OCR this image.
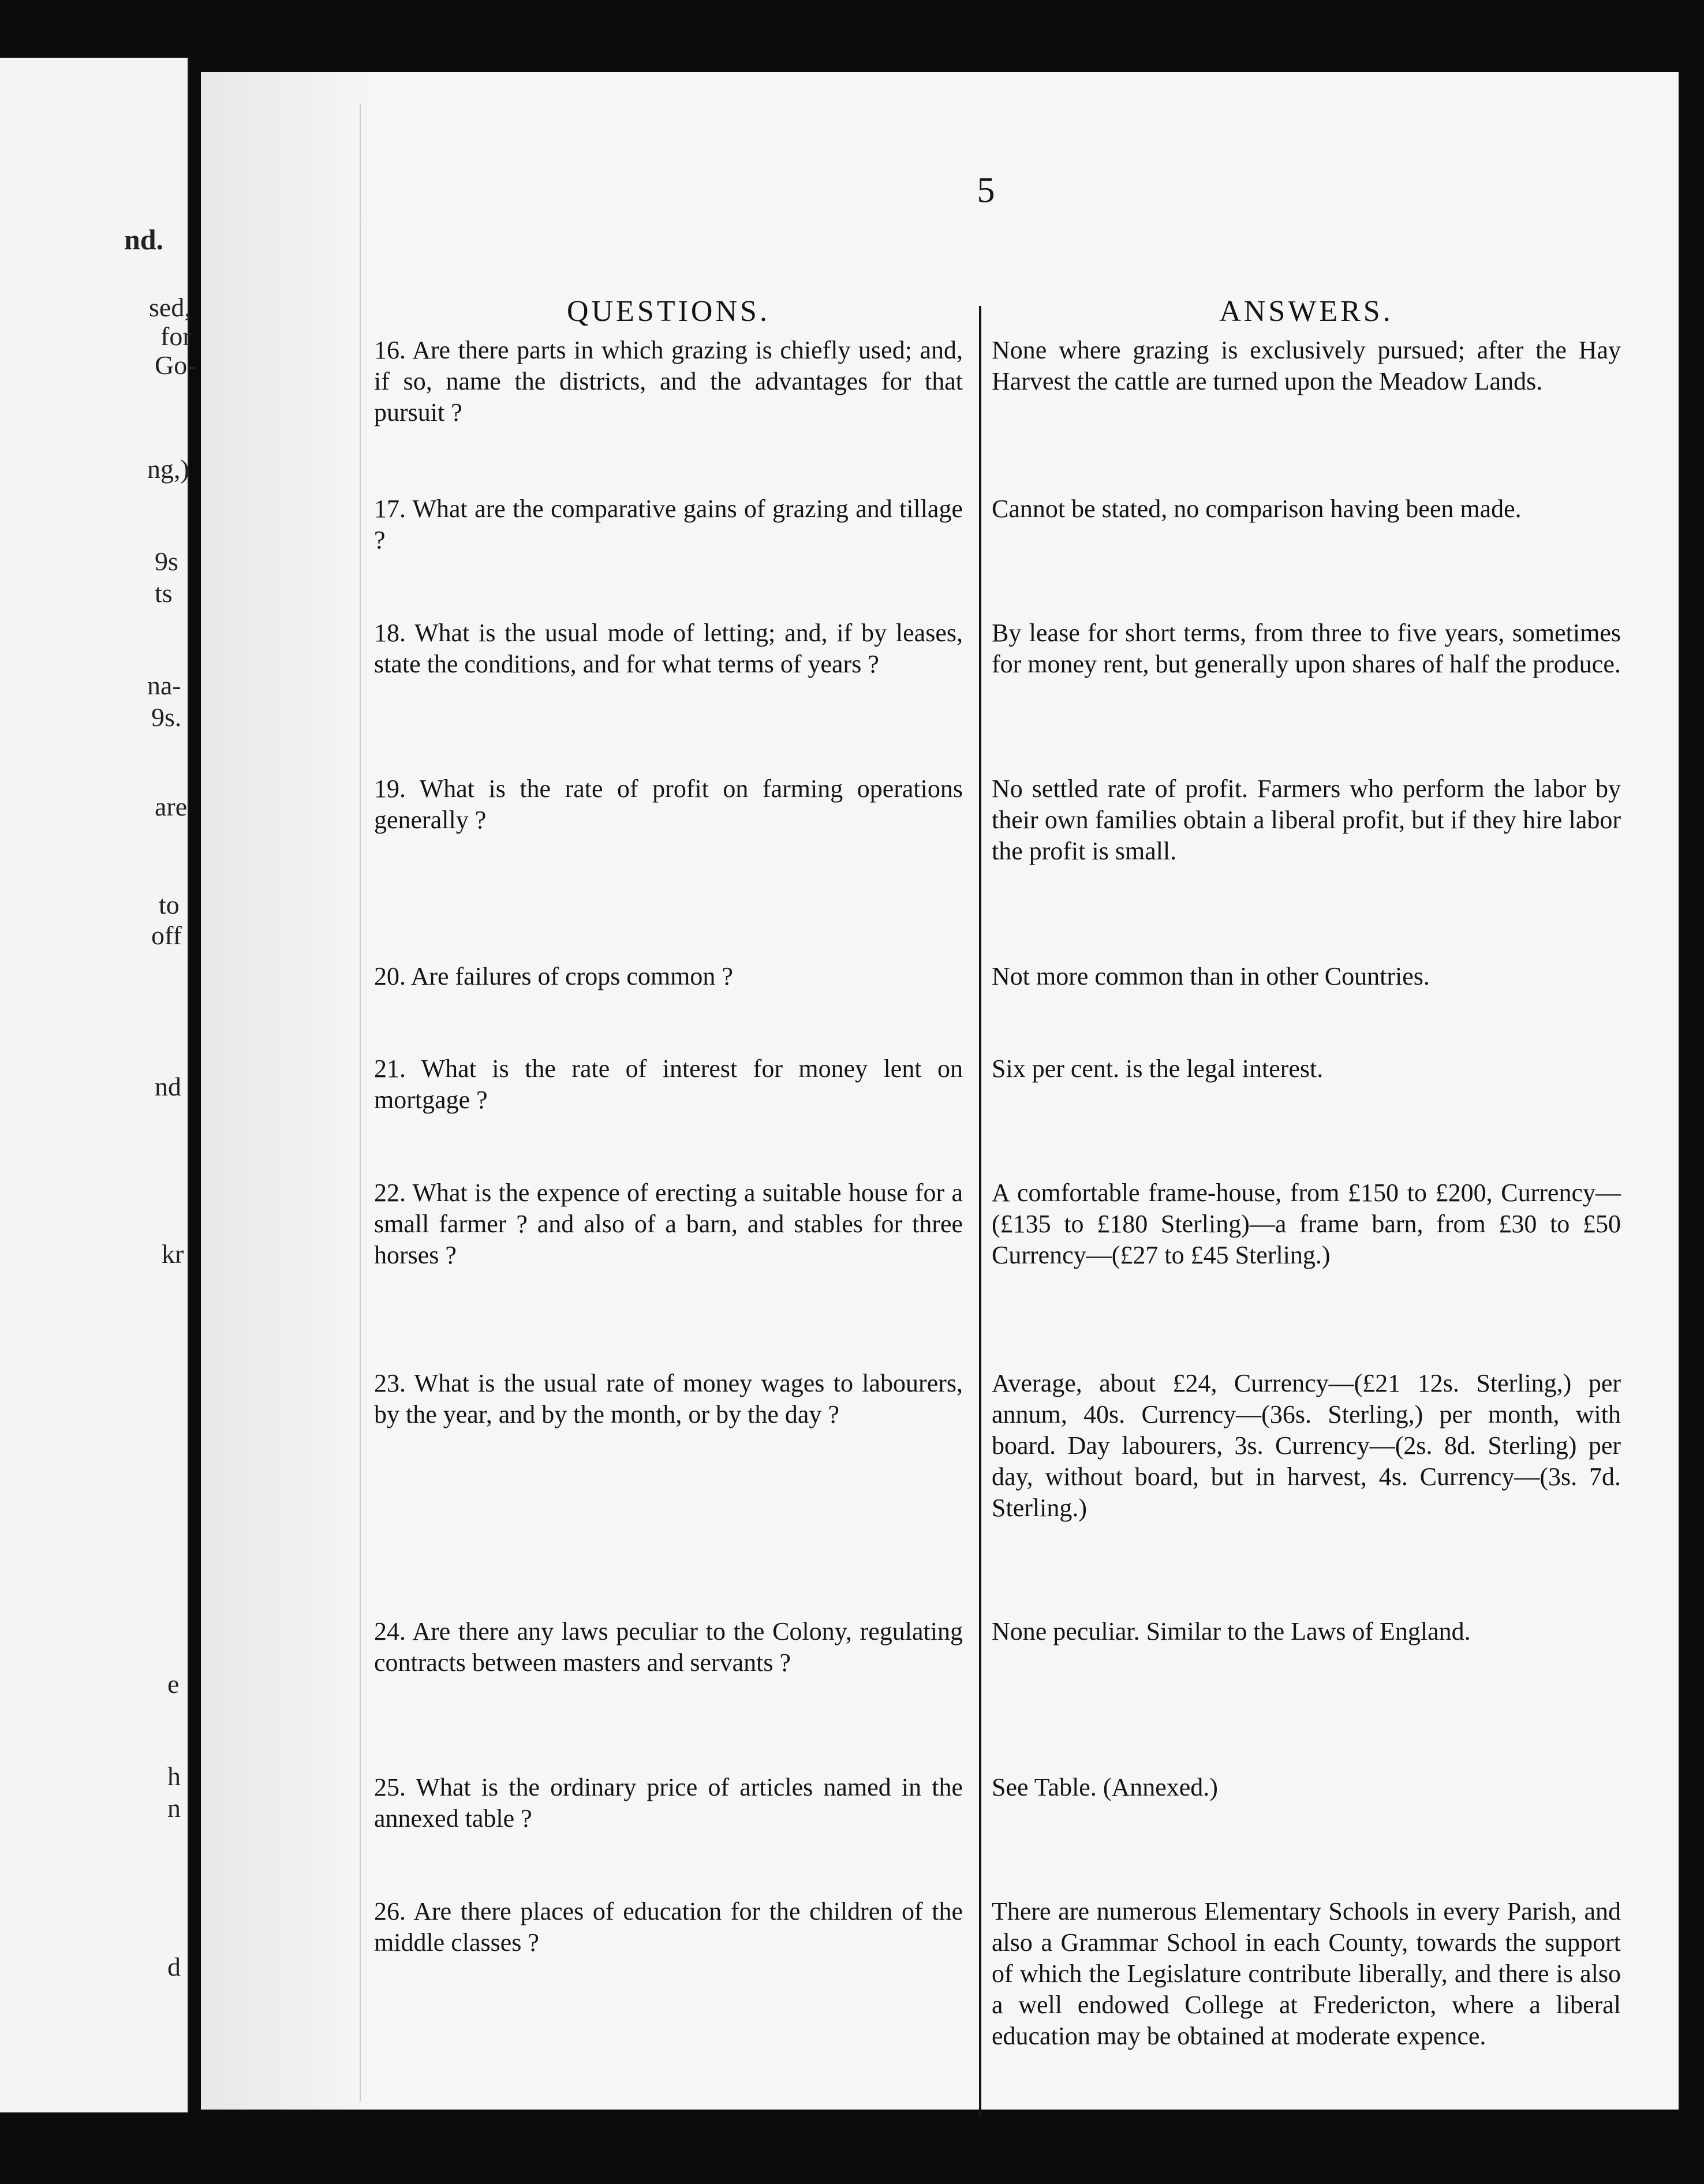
nd.
sed,
for
Go-
ng,)
9s
ts
na-
9s.
are
to
off
nd
kr
e
h
n
d
5
QUESTIONS.	ANSWERS.
16. Are there parts in which grazing is chiefly used; and, if so, name the districts, and the advantages for that pursuit ?
None where grazing is exclusively pursued; after the Hay Harvest the cattle are turned upon the Meadow Lands.
17. What are the comparative gains of grazing and tillage ?
Cannot be stated, no comparison having been made.
18. What is the usual mode of letting; and, if by leases, state the conditions, and for what terms of years ?
By lease for short terms, from three to five years, sometimes for money rent, but generally upon shares of half the produce.
19. What is the rate of profit on farming operations generally ?
No settled rate of profit. Farmers who perform the labor by their own families obtain a liberal profit, but if they hire labor the profit is small.
20. Are failures of crops common ?	Not more common than in other Countries.
21. What is the rate of interest for money lent on mortgage ?
Six per cent. is the legal interest.
22. What is the expence of erecting a suitable house for a small farmer ? and also of a barn, and stables for three horses ?
A comfortable frame-house, from £150 to £200, Currency—(£135 to £180 Sterling)—a frame barn, from £30 to £50 Currency—(£27 to £45 Sterling.)
23. What is the usual rate of money wages to labourers, by the year, and by the month, or by the day ?
Average, about £24, Currency—(£21 12s. Sterling,) per annum, 40s. Currency—(36s. Sterling,) per month, with board. Day labourers, 3s. Currency—(2s. 8d. Sterling) per day, without board, but in harvest, 4s. Currency—(3s. 7d. Sterling.)
24. Are there any laws peculiar to the Colony, regulating contracts between masters and servants ?
None peculiar. Similar to the Laws of England.
25. What is the ordinary price of articles named in the annexed table ?
See Table. (Annexed.)
26. Are there places of education for the children of the middle classes ?
There are numerous Elementary Schools in every Parish, and also a Grammar School in each County, towards the support of which the Legislature contribute liberally, and there is also a well endowed College at Fredericton, where a liberal education may be obtained at moderate expence.
